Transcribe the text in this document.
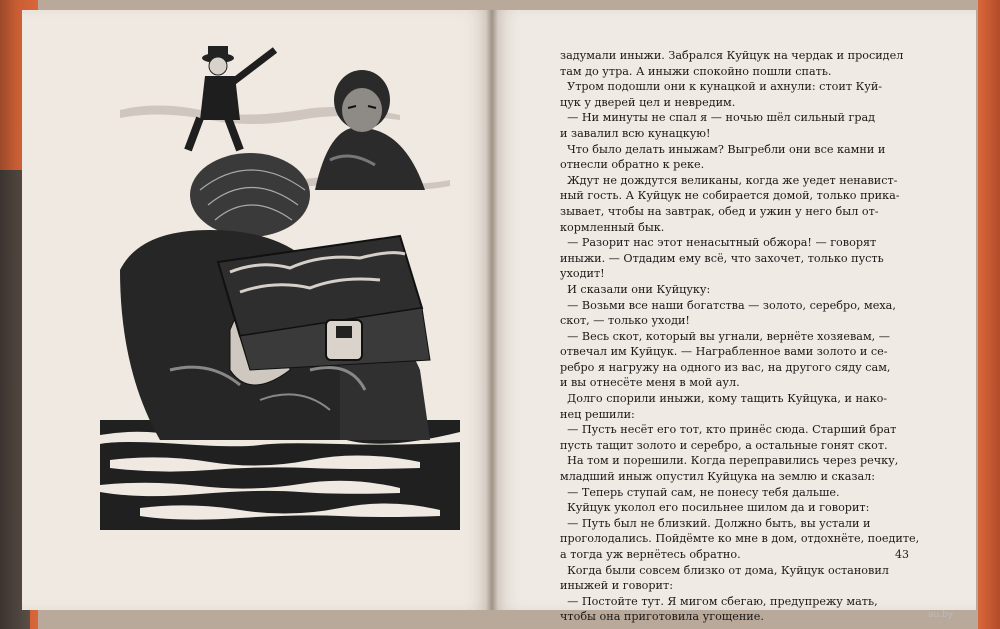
задумали иныжи. Забрался Куйцук на чердак и просидел
там до утра. А иныжи спокойно пошли спать.
Утром подошли они к кунацкой и ахнули: стоит Куй-
цук у дверей цел и невредим.
— Ни минуты не спал я — ночью шёл сильный град
и завалил всю кунацкую!
Что было делать иныжам? Выгребли они все камни и
отнесли обратно к реке.
Ждут не дождутся великаны, когда же уедет ненавист-
ный гость. А Куйцук не собирается домой, только прика-
зывает, чтобы на завтрак, обед и ужин у него был от-
кормленный бык.
— Разорит нас этот ненасытный обжора! — говорят
иныжи. — Отдадим ему всё, что захочет, только пусть
уходит!
И сказали они Куйцуку:
— Возьми все наши богатства — золото, серебро, меха,
скот, — только уходи!
— Весь скот, который вы угнали, вернёте хозяевам, —
отвечал им Куйцук. — Награбленное вами золото и се-
ребро я нагружу на одного из вас, на другого сяду сам,
и вы отнесёте меня в мой аул.
Долго спорили иныжи, кому тащить Куйцука, и нако-
нец решили:
— Пусть несёт его тот, кто принёс сюда. Старший брат
пусть тащит золото и серебро, а остальные гонят скот.
На том и порешили. Когда переправились через речку,
младший иныж опустил Куйцука на землю и сказал:
— Теперь ступай сам, не понесу тебя дальше.
Куйцук уколол его посильнее шилом да и говорит:
— Путь был не близкий. Должно быть, вы устали и
проголодались. Пойдёмте ко мне в дом, отдохнёте, поедите,
а тогда уж вернётесь обратно.
Когда были совсем близко от дома, Куйцук остановил
иныжей и говорит:
— Постойте тут. Я мигом сбегаю, предупрежу мать,
чтобы она приготовила угощение.
43
au.by
